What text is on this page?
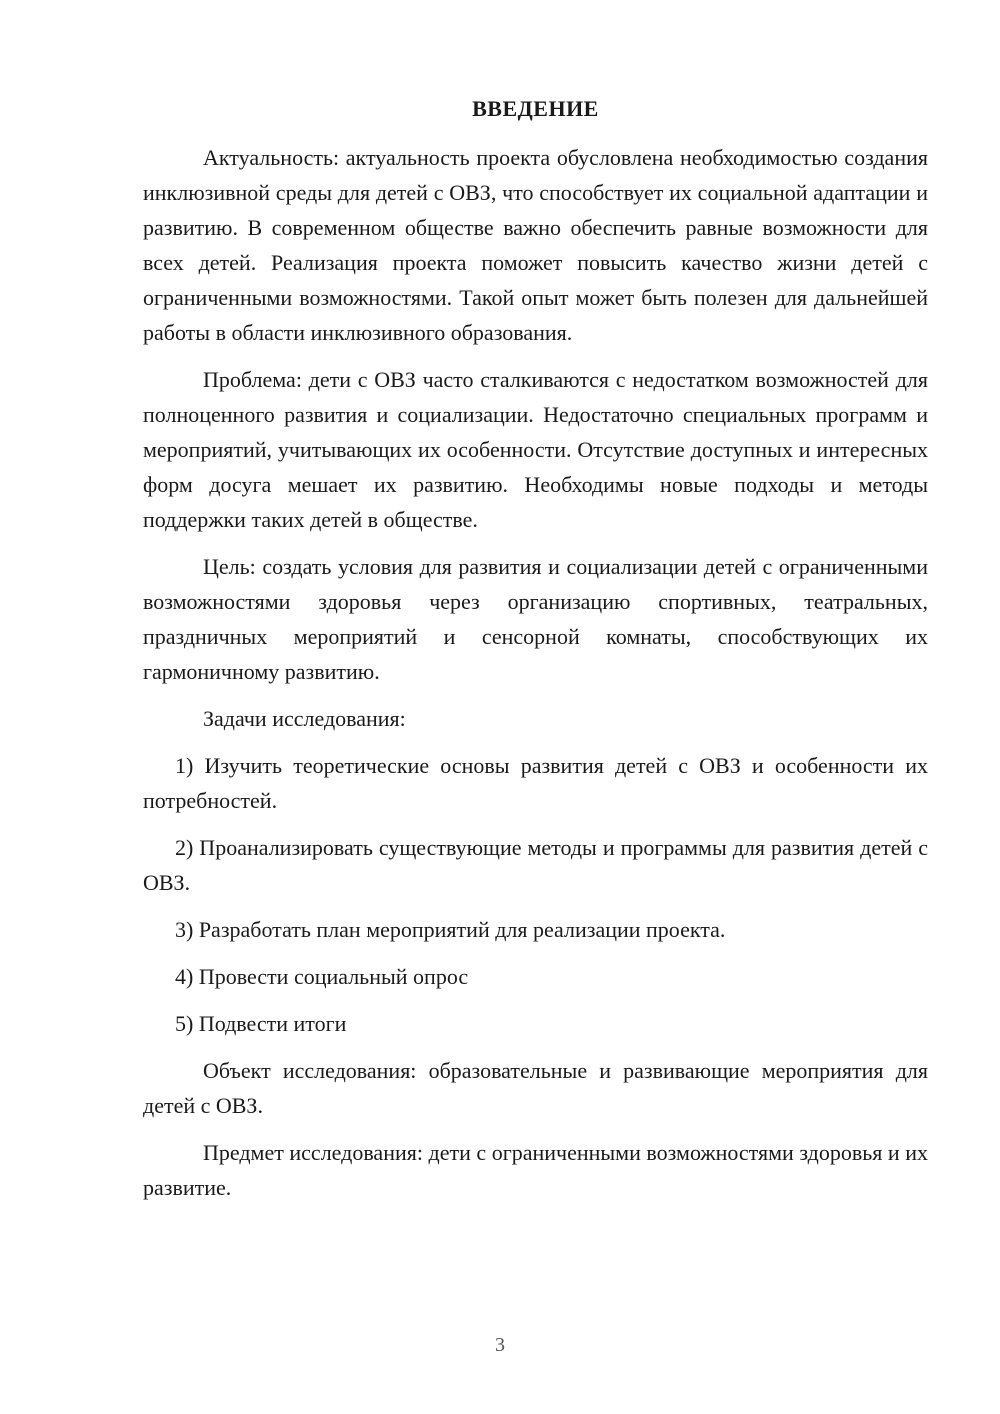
ВВЕДЕНИЕ

Актуальность: актуальность проекта обусловлена необходимостью создания инклюзивной среды для детей с ОВЗ, что способствует их социальной адаптации и развитию. В современном обществе важно обеспечить равные возможности для всех детей. Реализация проекта поможет повысить качество жизни детей с ограниченными возможностями. Такой опыт может быть полезен для дальнейшей работы в области инклюзивного образования.

Проблема: дети с ОВЗ часто сталкиваются с недостатком возможностей для полноценного развития и социализации. Недостаточно специальных программ и мероприятий, учитывающих их особенности. Отсутствие доступных и интересных форм досуга мешает их развитию. Необходимы новые подходы и методы поддержки таких детей в обществе.

Цель: создать условия для развития и социализации детей с ограниченными возможностями здоровья через организацию спортивных, театральных, праздничных мероприятий и сенсорной комнаты, способствующих их гармоничному развитию.

Задачи исследования:

1) Изучить теоретические основы развития детей с ОВЗ и особенности их потребностей.

2) Проанализировать существующие методы и программы для развития детей с ОВЗ.

3) Разработать план мероприятий для реализации проекта.

4) Провести социальный опрос

5) Подвести итоги

Объект исследования: образовательные и развивающие мероприятия для детей с ОВЗ.

Предмет исследования: дети с ограниченными возможностями здоровья и их развитие.

3
